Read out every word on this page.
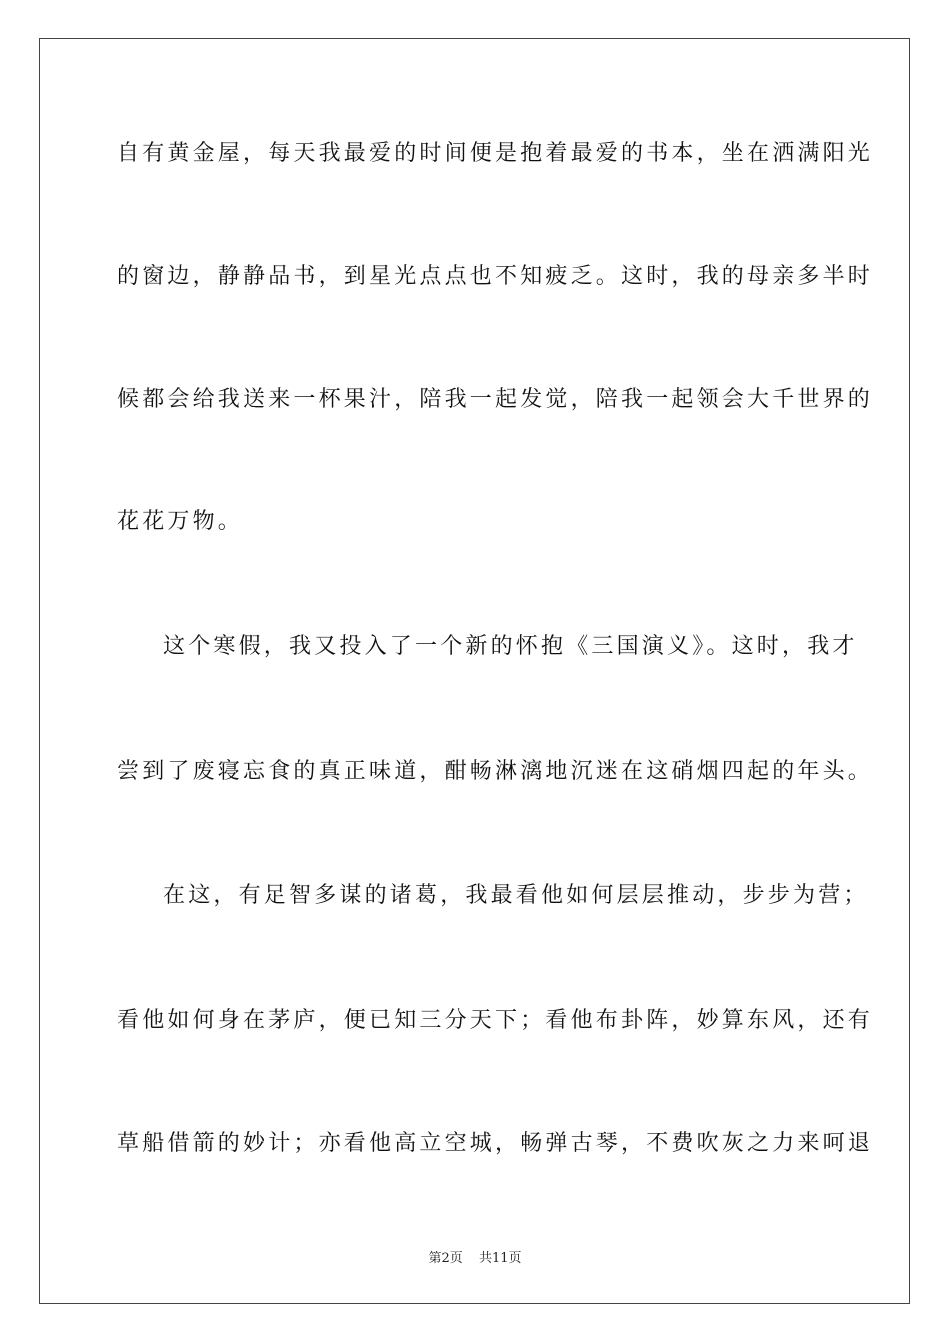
自有黄金屋，每天我最爱的时间便是抱着最爱的书本，坐在洒满阳光
的窗边，静静品书，到星光点点也不知疲乏。这时，我的母亲多半时
候都会给我送来一杯果汁，陪我一起发觉，陪我一起领会大千世界的
花花万物。
这个寒假，我又投入了一个新的怀抱《三国演义》。这时，我才
尝到了废寝忘食的真正味道，酣畅淋漓地沉迷在这硝烟四起的年头。
在这，有足智多谋的诸葛，我最看他如何层层推动，步步为营；
看他如何身在茅庐，便已知三分天下；看他布卦阵，妙算东风，还有
草船借箭的妙计；亦看他高立空城，畅弹古琴，不费吹灰之力来呵退
第2页 共11页
